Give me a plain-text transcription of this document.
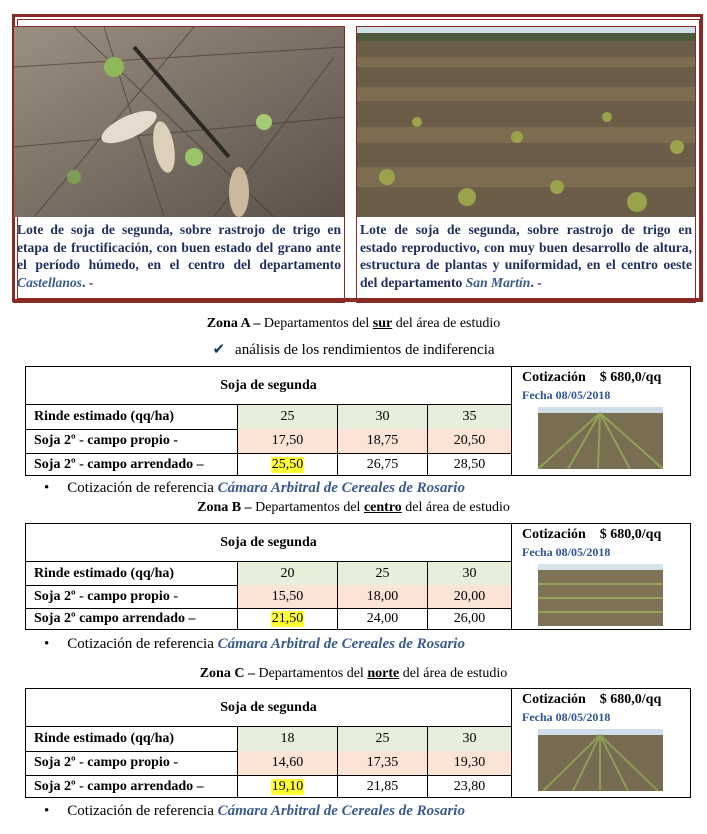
Lote de soja de segunda, sobre rastrojo de trigo en etapa de fructificación, con buen estado del grano ante el período húmedo, en el centro del departamento Castellanos. -
Lote de soja de segunda, sobre rastrojo de trigo en estado reproductivo, con muy buen desarrollo de altura, estructura de plantas y uniformidad, en el centro oeste del departamento San Martín. -
Zona A – Departamentos del sur del área de estudio
✔ análisis de los rendimientos de indiferencia
Soja de segunda
Rinde estimado (qq/ha)	25	30	35
Soja 2º - campo propio -	17,50	18,75	20,50
Soja 2º - campo arrendado –	25,50	26,75	28,50
Cotización $ 680,0/qq
Fecha 08/05/2018
• Cotización de referencia Cámara Arbitral de Cereales de Rosario
Zona B – Departamentos del centro del área de estudio
Soja de segunda
Rinde estimado (qq/ha)	20	25	30
Soja 2º - campo propio -	15,50	18,00	20,00
Soja 2º campo arrendado –	21,50	24,00	26,00
Cotización $ 680,0/qq
Fecha 08/05/2018
• Cotización de referencia Cámara Arbitral de Cereales de Rosario
Zona C – Departamentos del norte del área de estudio
Soja de segunda
Rinde estimado (qq/ha)	18	25	30
Soja 2º - campo propio -	14,60	17,35	19,30
Soja 2º - campo arrendado –	19,10	21,85	23,80
Cotización $ 680,0/qq
Fecha 08/05/2018
• Cotización de referencia Cámara Arbitral de Cereales de Rosario
